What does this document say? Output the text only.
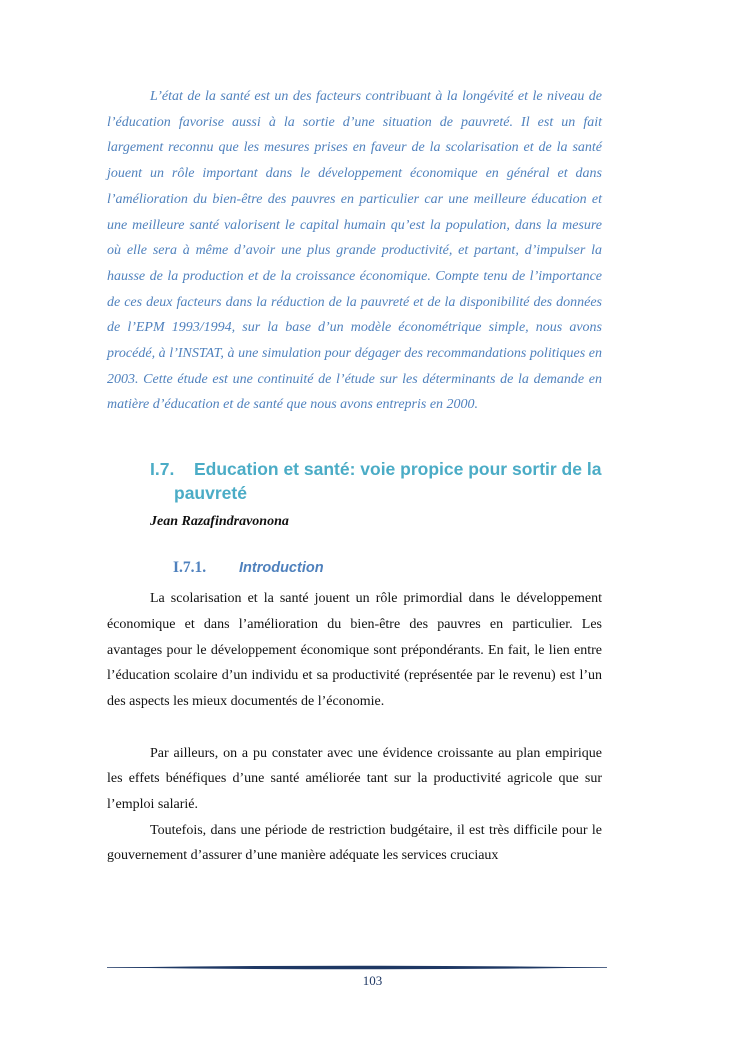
L’état de la santé est un des facteurs contribuant à la longévité et le niveau de l’éducation favorise aussi à la sortie d’une situation de pauvreté. Il est un fait largement reconnu que les mesures prises en faveur de la scolarisation et de la santé jouent un rôle important dans le développement économique en général et dans l’amélioration du bien-être des pauvres en particulier car une meilleure éducation et une meilleure santé valorisent le capital humain qu’est la population, dans la mesure où elle sera à même d’avoir une plus grande productivité, et partant, d’impulser la hausse de la production et de la croissance économique. Compte tenu de l’importance de ces deux facteurs dans la réduction de la pauvreté et de la disponibilité des données de l’EPM 1993/1994, sur la base d’un modèle économétrique simple, nous avons procédé, à l’INSTAT, à une simulation pour dégager des recommandations politiques en 2003. Cette étude est une continuité de l’étude sur les déterminants de la demande en matière d’éducation et de santé que nous avons entrepris en 2000.

I.7. Education et santé: voie propice pour sortir de la pauvreté
Jean Razafindravonona
I.7.1. Introduction

La scolarisation et la santé jouent un rôle primordial dans le développement économique et dans l’amélioration du bien-être des pauvres en particulier. Les avantages pour le développement économique sont prépondérants. En fait, le lien entre l’éducation scolaire d’un individu et sa productivité (représentée par le revenu) est l’un des aspects les mieux documentés de l’économie.

Par ailleurs, on a pu constater avec une évidence croissante au plan empirique les effets bénéfiques d’une santé améliorée tant sur la productivité agricole que sur l’emploi salarié.

Toutefois, dans une période de restriction budgétaire, il est très difficile pour le gouvernement d’assurer d’une manière adéquate les services cruciaux

103
